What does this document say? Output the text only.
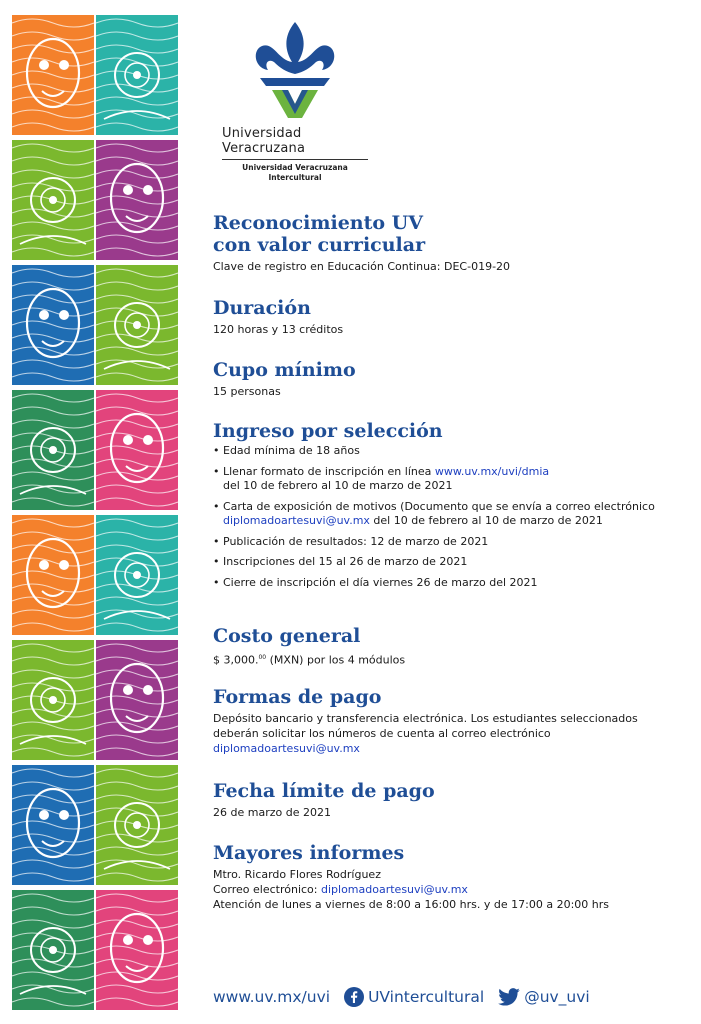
Universidad Veracruzana
Universidad Veracruzana
Intercultural
Reconocimiento UV
con valor curricular

Clave de registro en Educación Continua: DEC-019-20

Duración

120 horas y 13 créditos

Cupo mínimo

15 personas

Ingreso por selección
• Edad mínima de 18 años
• Llenar formato de inscripción en línea www.uv.mx/uvi/dmia
del 10 de febrero al 10 de marzo de 2021
• Carta de exposición de motivos (Documento que se envía a correo electrónico diplomadoartesuvi@uv.mx del 10 de febrero al 10 de marzo de 2021
• Publicación de resultados: 12 de marzo de 2021
• Inscripciones del 15 al 26 de marzo de 2021
• Cierre de inscripción el día viernes 26 de marzo del 2021
Costo general

$ 3,000.00 (MXN) por los 4 módulos

Formas de pago

Depósito bancario y transferencia electrónica. Los estudiantes seleccionados deberán solicitar los números de cuenta al correo electrónico

diplomadoartesuvi@uv.mx

Fecha límite de pago

26 de marzo de 2021

Mayores informes

Mtro. Ricardo Flores Rodríguez

Correo electrónico: diplomadoartesuvi@uv.mx

Atención de lunes a viernes de 8:00 a 16:00 hrs. y de 17:00 a 20:00 hrs

www.uv.mx/uvi UVintercultural	@uv_uvi
